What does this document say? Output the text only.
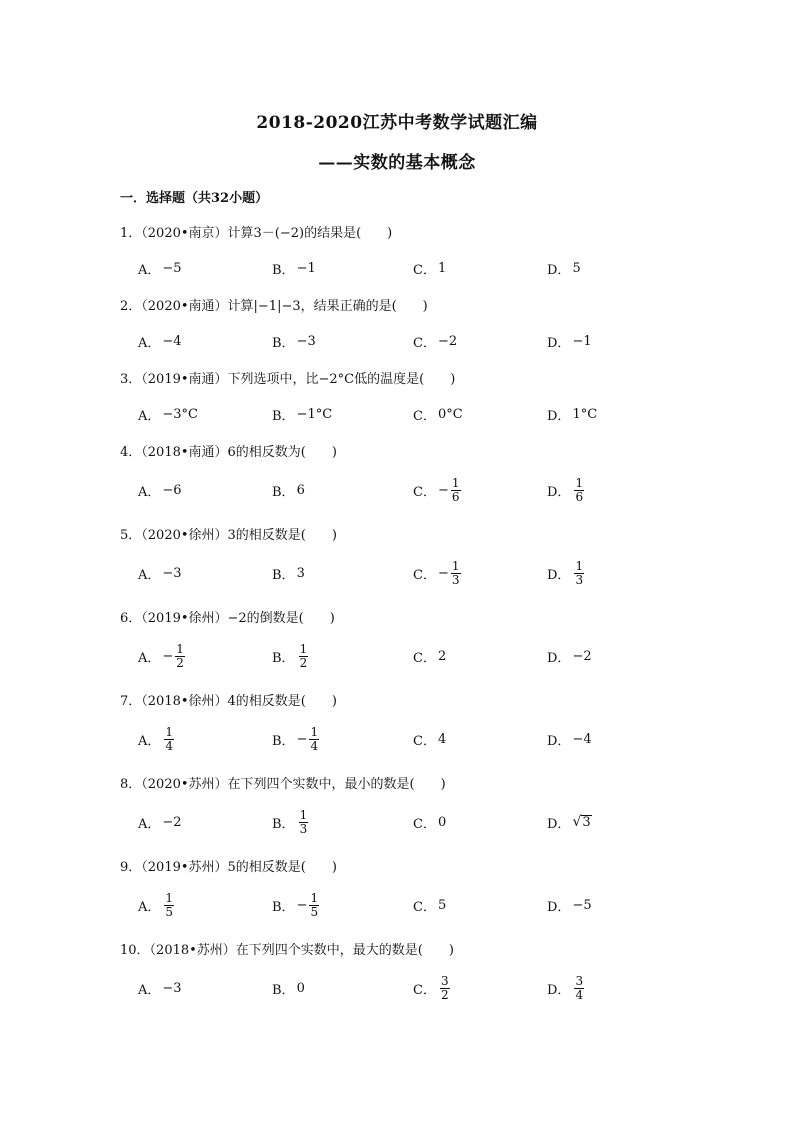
2018-2020江苏中考数学试题汇编
——实数的基本概念
一．选择题（共32小题）
1．（2020•南京）计算3－(−2)的结果是(　　)
A． −5	B． −1	C． 1	D． 5
2．（2020•南通）计算|−1|−3，结果正确的是(　　)
A． −4	B． −3	C． −2	D． −1
3．（2019•南通）下列选项中，比−2°C低的温度是(　　)
A． −3°C	B． −1°C	C． 0°C	D． 1°C
4．（2018•南通）6的相反数为(　　)
A． −6	B． 6	C． − $\frac{1}{6}$	D． $\frac{1}{6}$
5．（2020•徐州）3的相反数是(　　)
A． −3	B． 3	C． − $\frac{1}{3}$	D． $\frac{1}{3}$
6．（2019•徐州）−2的倒数是(　　)
A． − $\frac{1}{2}$	B． $\frac{1}{2}$	C． 2	D． −2
7．（2018•徐州）4的相反数是(　　)
A． $\frac{1}{4}$	B． − $\frac{1}{4}$	C． 4	D． −4
8．（2020•苏州）在下列四个实数中，最小的数是(　　)
A． −2	B． $\frac{1}{3}$	C． 0	D． √ 3
9．（2019•苏州）5的相反数是(　　)
A． $\frac{1}{5}$	B． − $\frac{1}{5}$	C． 5	D． −5
10．（2018•苏州）在下列四个实数中，最大的数是(　　)
A． −3	B． 0	C． $\frac{3}{2}$	D． $\frac{3}{4}$
